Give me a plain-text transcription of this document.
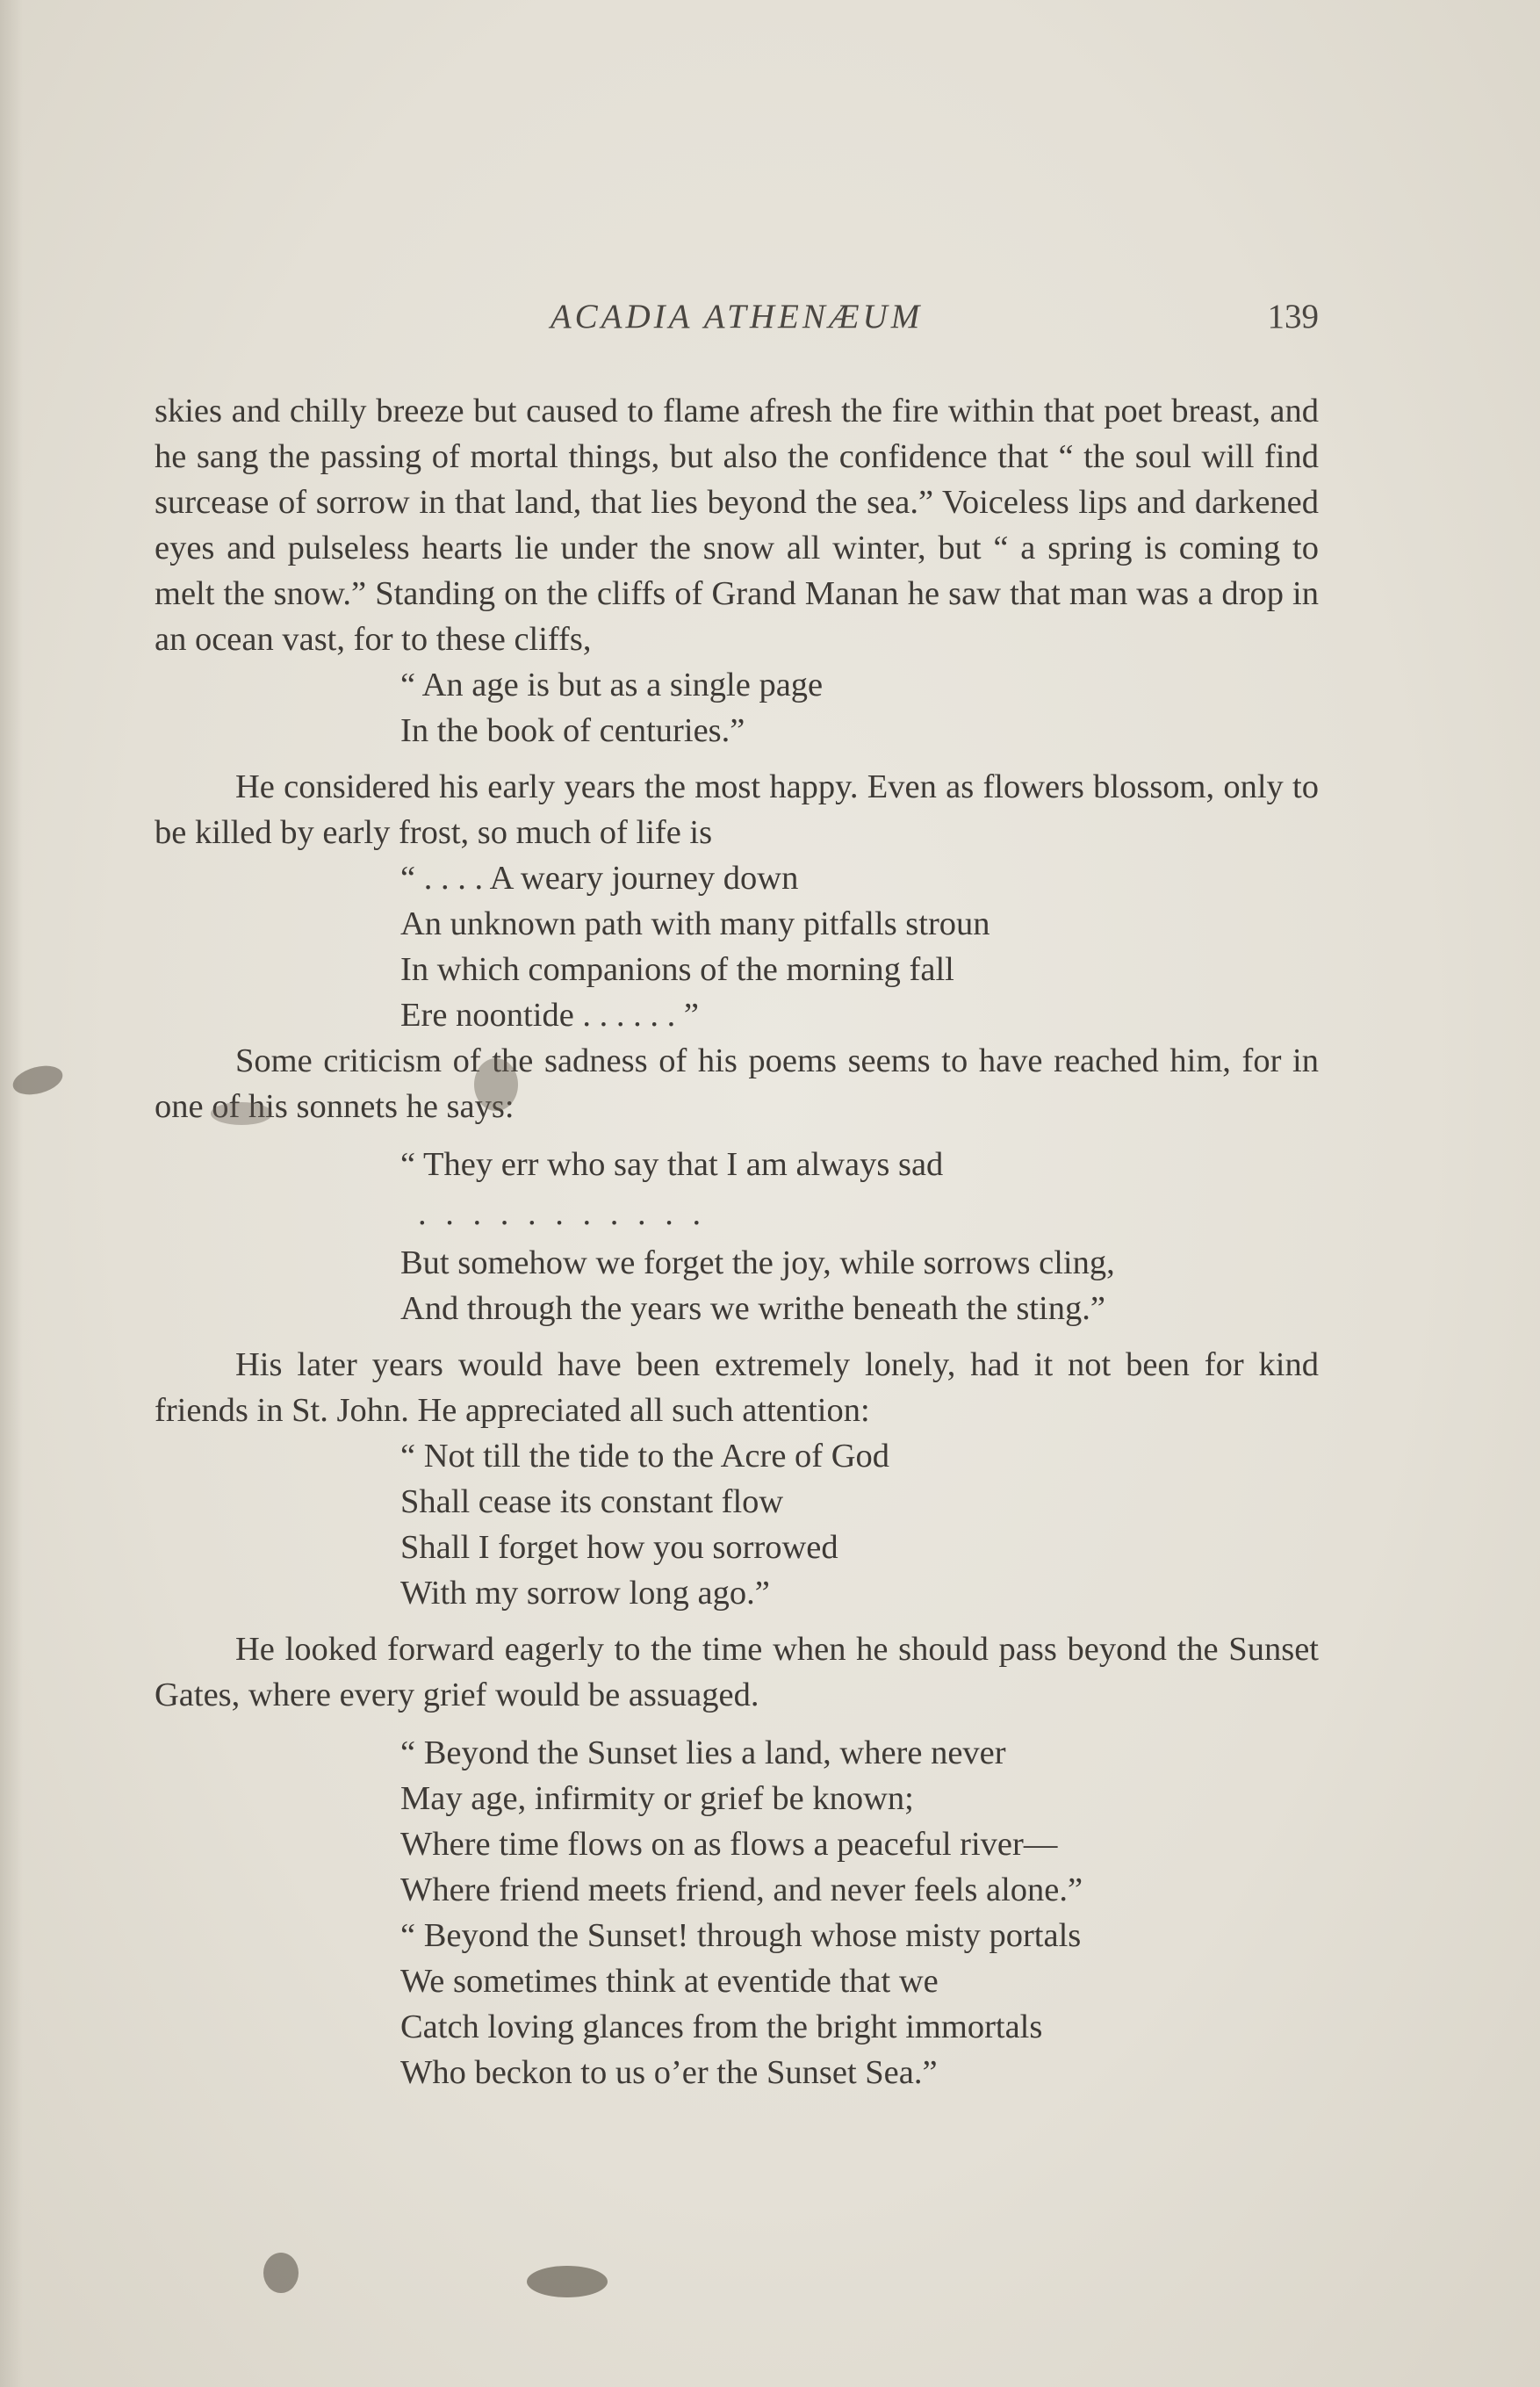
ACADIA ATHENÆUM	139

skies and chilly breeze but caused to flame afresh the fire within that poet breast, and he sang the passing of mortal things, but also the confidence that “ the soul will find surcease of sorrow in that land, that lies beyond the sea.” Voiceless lips and darkened eyes and pulseless hearts lie under the snow all winter, but “ a spring is coming to melt the snow.” Standing on the cliffs of Grand Manan he saw that man was a drop in an ocean vast, for to these cliffs,

“ An age is but as a single page

In the book of centuries.”

He considered his early years the most happy. Even as flowers blossom, only to be killed by early frost, so much of life is

“ . . . . A weary journey down

An unknown path with many pitfalls stroun

In which companions of the morning fall

Ere noontide . . . . . . ”

Some criticism of the sadness of his poems seems to have reached him, for in one of his sonnets he says:

“ They err who say that I am always sad

. . . . . . . . . . .

But somehow we forget the joy, while sorrows cling,

And through the years we writhe beneath the sting.”

His later years would have been extremely lonely, had it not been for kind friends in St. John. He appreciated all such attention:

“ Not till the tide to the Acre of God

Shall cease its constant flow

Shall I forget how you sorrowed

With my sorrow long ago.”

He looked forward eagerly to the time when he should pass beyond the Sunset Gates, where every grief would be assuaged.

“ Beyond the Sunset lies a land, where never

May age, infirmity or grief be known;

Where time flows on as flows a peaceful river—

Where friend meets friend, and never feels alone.”

“ Beyond the Sunset! through whose misty portals

We sometimes think at eventide that we

Catch loving glances from the bright immortals

Who beckon to us o’er the Sunset Sea.”
